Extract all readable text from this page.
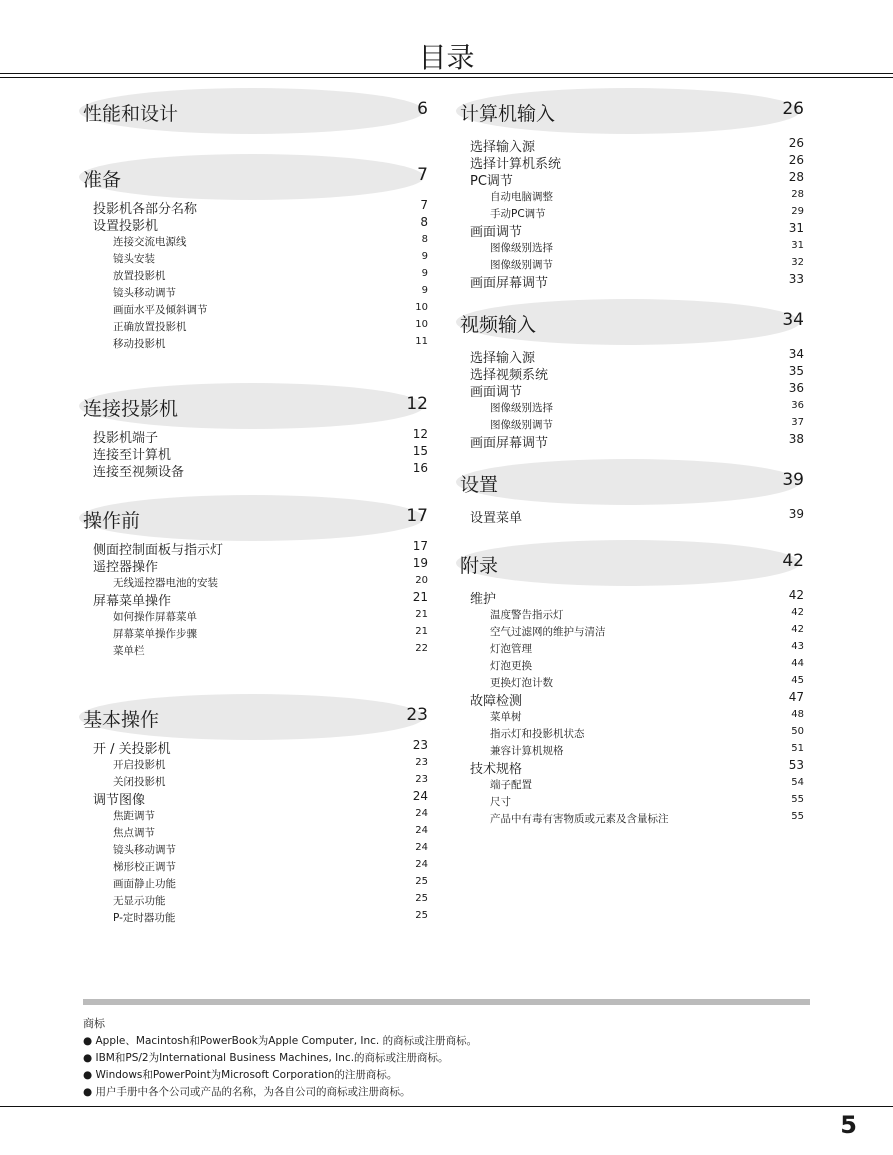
目录
性能和设计	6
准备	7
投影机各部分名称	7
设置投影机	8
连接交流电源线	8
镜头安装	9
放置投影机	9
镜头移动调节	9
画面水平及倾斜调节	10
正确放置投影机	10
移动投影机	11
连接投影机	12
投影机端子	12
连接至计算机	15
连接至视频设备	16
操作前	17
侧面控制面板与指示灯	17
遥控器操作	19
无线遥控器电池的安装	20
屏幕菜单操作	21
如何操作屏幕菜单	21
屏幕菜单操作步骤	21
菜单栏	22
基本操作	23
开 / 关投影机	23
开启投影机	23
关闭投影机	23
调节图像	24
焦距调节	24
焦点调节	24
镜头移动调节	24
梯形校正调节	24
画面静止功能	25
无显示功能	25
P-定时器功能	25
计算机输入	26
选择输入源	26
选择计算机系统	26
PC调节	28
自动电脑调整	28
手动PC调节	29
画面调节	31
图像级别选择	31
图像级别调节	32
画面屏幕调节	33
视频输入	34
选择输入源	34
选择视频系统	35
画面调节	36
图像级别选择	36
图像级别调节	37
画面屏幕调节	38
设置	39
设置菜单	39
附录	42
维护	42
温度警告指示灯	42
空气过滤网的维护与清洁	42
灯泡管理	43
灯泡更换	44
更换灯泡计数	45
故障检测	47
菜单树	48
指示灯和投影机状态	50
兼容计算机规格	51
技术规格	53
端子配置	54
尺寸	55
产品中有毒有害物质或元素及含量标注	55
商标
● Apple、Macintosh和PowerBook为Apple Computer, Inc. 的商标或注册商标。
● IBM和PS/2为International Business Machines, Inc.的商标或注册商标。
● Windows和PowerPoint为Microsoft Corporation的注册商标。
● 用户手册中各个公司或产品的名称，为各自公司的商标或注册商标。
5
